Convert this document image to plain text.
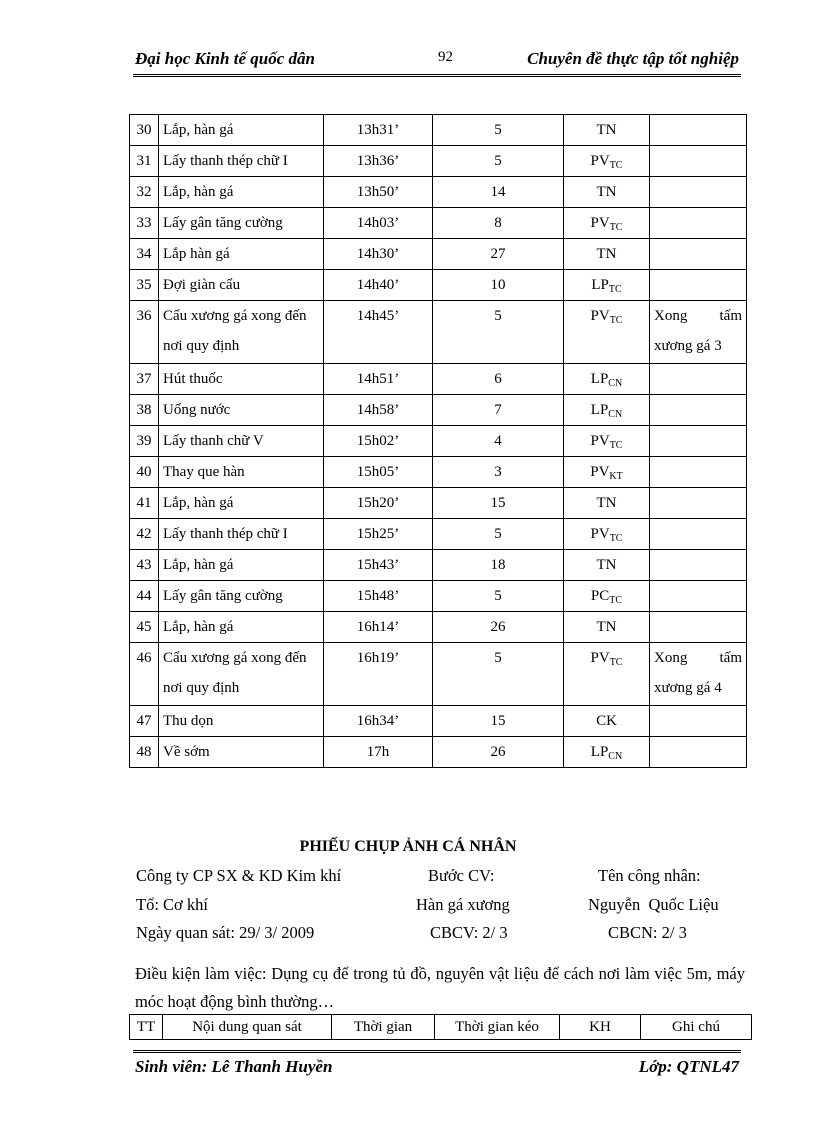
Đại học Kinh tế quốc dân	92	Chuyên đề thực tập tốt nghiệp
30	Lắp, hàn gá	13h31’	5	TN	
31	Lấy thanh thép chữ I	13h36’	5	$PV_{TC}$	
32	Lắp, hàn gá	13h50’	14	TN	
33	Lấy gân tăng cường	14h03’	8	$PV_{TC}$	
34	Lắp hàn gá	14h30’	27	TN	
35	Đợi giàn cẩu	14h40’	10	$LP_{TC}$	
36	Cẩu xương gá xong đến nơi quy định	14h45’	5	$PV_{TC}$	Xong tấm xương gá 3
37	Hút thuốc	14h51’	6	$LP_{CN}$	
38	Uống nước	14h58’	7	$LP_{CN}$	
39	Lấy thanh chữ V	15h02’	4	$PV_{TC}$	
40	Thay que hàn	15h05’	3	$PV_{KT}$	
41	Lắp, hàn gá	15h20’	15	TN	
42	Lấy thanh thép chữ I	15h25’	5	$PV_{TC}$	
43	Lắp, hàn gá	15h43’	18	TN	
44	Lấy gân tăng cường	15h48’	5	$PC_{TC}$	
45	Lắp, hàn gá	16h14’	26	TN	
46	Cẩu xương gá xong đến nơi quy định	16h19’	5	$PV_{TC}$	Xong tấm xương gá 4
47	Thu dọn	16h34’	15	CK	
48	Về sớm	17h	26	$LP_{CN}$	
PHIẾU CHỤP ẢNH CÁ NHÂN
Công ty CP SX & KD Kim khí	Bước CV:	Tên công nhân:
Tổ: Cơ khí	Hàn gá xương	Nguyễn  Quốc Liệu
Ngày quan sát: 29/ 3/ 2009	CBCV: 2/ 3	CBCN: 2/ 3
Điều kiện làm việc: Dụng cụ để trong tủ đồ, nguyên vật liệu để cách nơi làm việc 5m, máy móc hoạt động bình thường…
TT	Nội dung quan sát	Thời gian	Thời gian kéo	KH	Ghi chú
Sinh viên: Lê Thanh Huyền	Lớp: QTNL47
